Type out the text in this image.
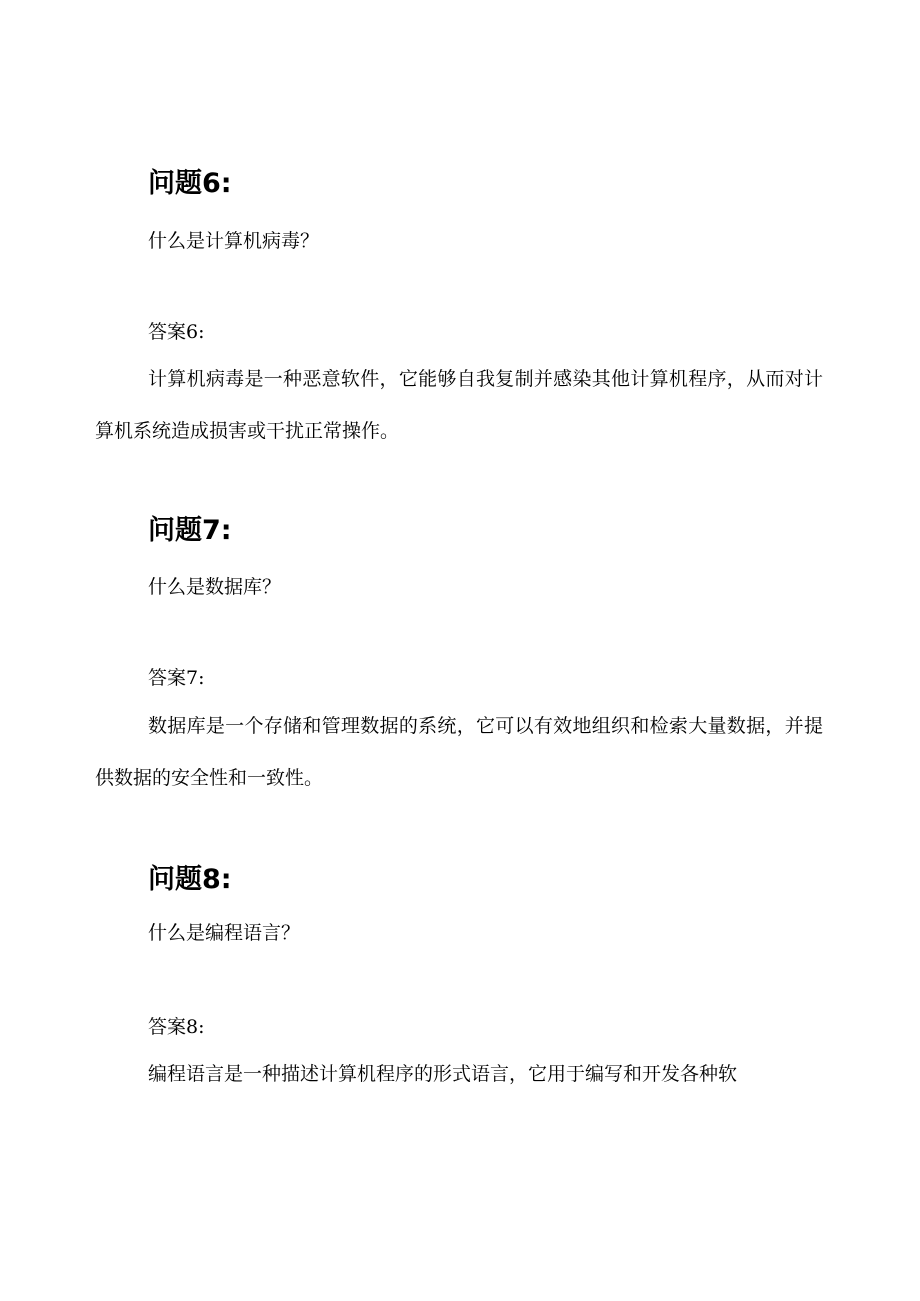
问题6:

什么是计算机病毒？

答案6:

计算机病毒是一种恶意软件，它能够自我复制并感染其他计算机程序，从而对计算机系统造成损害或干扰正常操作。

问题7:

什么是数据库？

答案7:

数据库是一个存储和管理数据的系统，它可以有效地组织和检索大量数据，并提供数据的安全性和一致性。

问题8:

什么是编程语言？

答案8:

编程语言是一种描述计算机程序的形式语言，它用于编写和开发各种软
